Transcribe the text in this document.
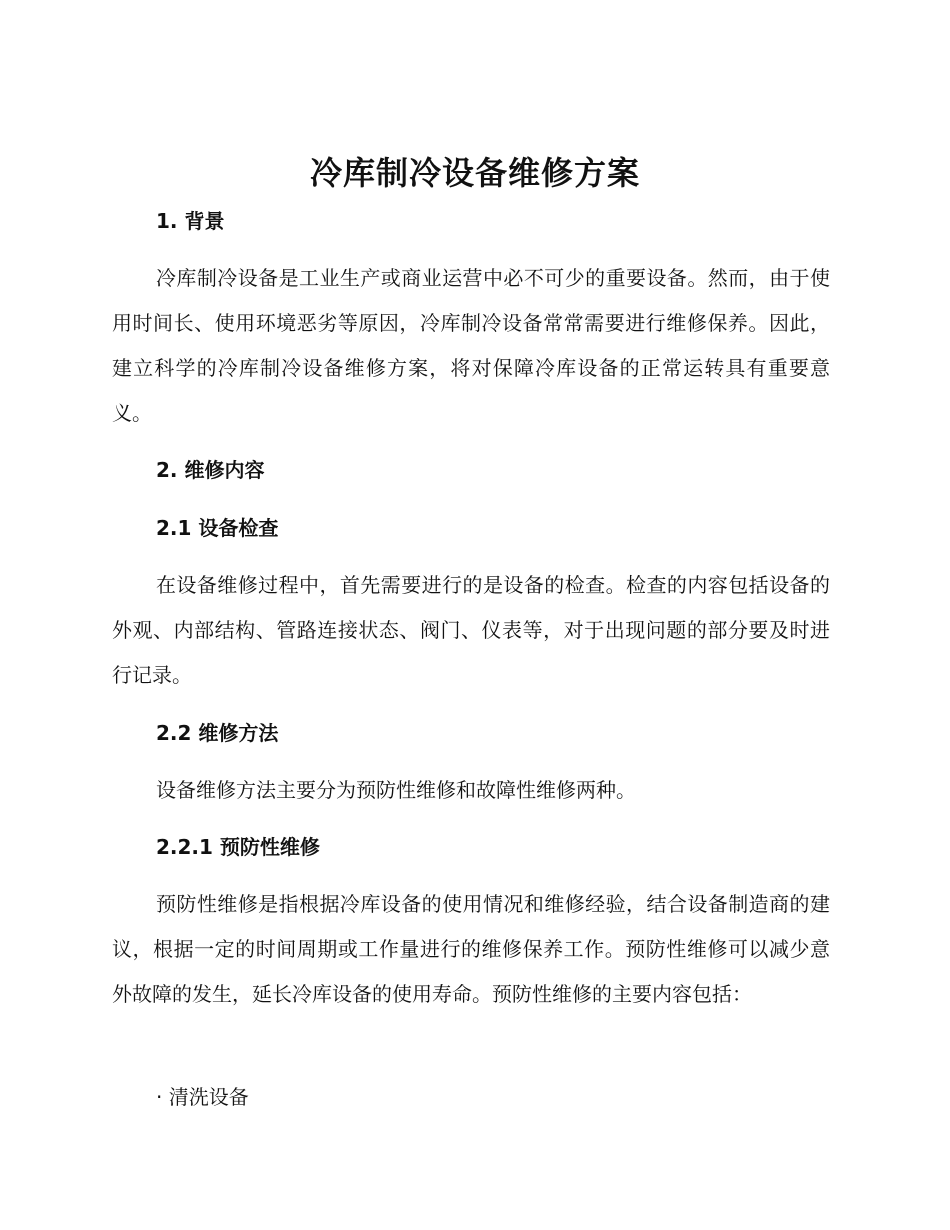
冷库制冷设备维修方案
1. 背景
冷库制冷设备是工业生产或商业运营中必不可少的重要设备。然而，由于使用时间长、使用环境恶劣等原因，冷库制冷设备常常需要进行维修保养。因此，建立科学的冷库制冷设备维修方案，将对保障冷库设备的正常运转具有重要意义。
2. 维修内容
2.1 设备检查
在设备维修过程中，首先需要进行的是设备的检查。检查的内容包括设备的外观、内部结构、管路连接状态、阀门、仪表等，对于出现问题的部分要及时进行记录。
2.2 维修方法
设备维修方法主要分为预防性维修和故障性维修两种。
2.2.1 预防性维修
预防性维修是指根据冷库设备的使用情况和维修经验，结合设备制造商的建议，根据一定的时间周期或工作量进行的维修保养工作。预防性维修可以减少意外故障的发生，延长冷库设备的使用寿命。预防性维修的主要内容包括：
· 清洗设备
